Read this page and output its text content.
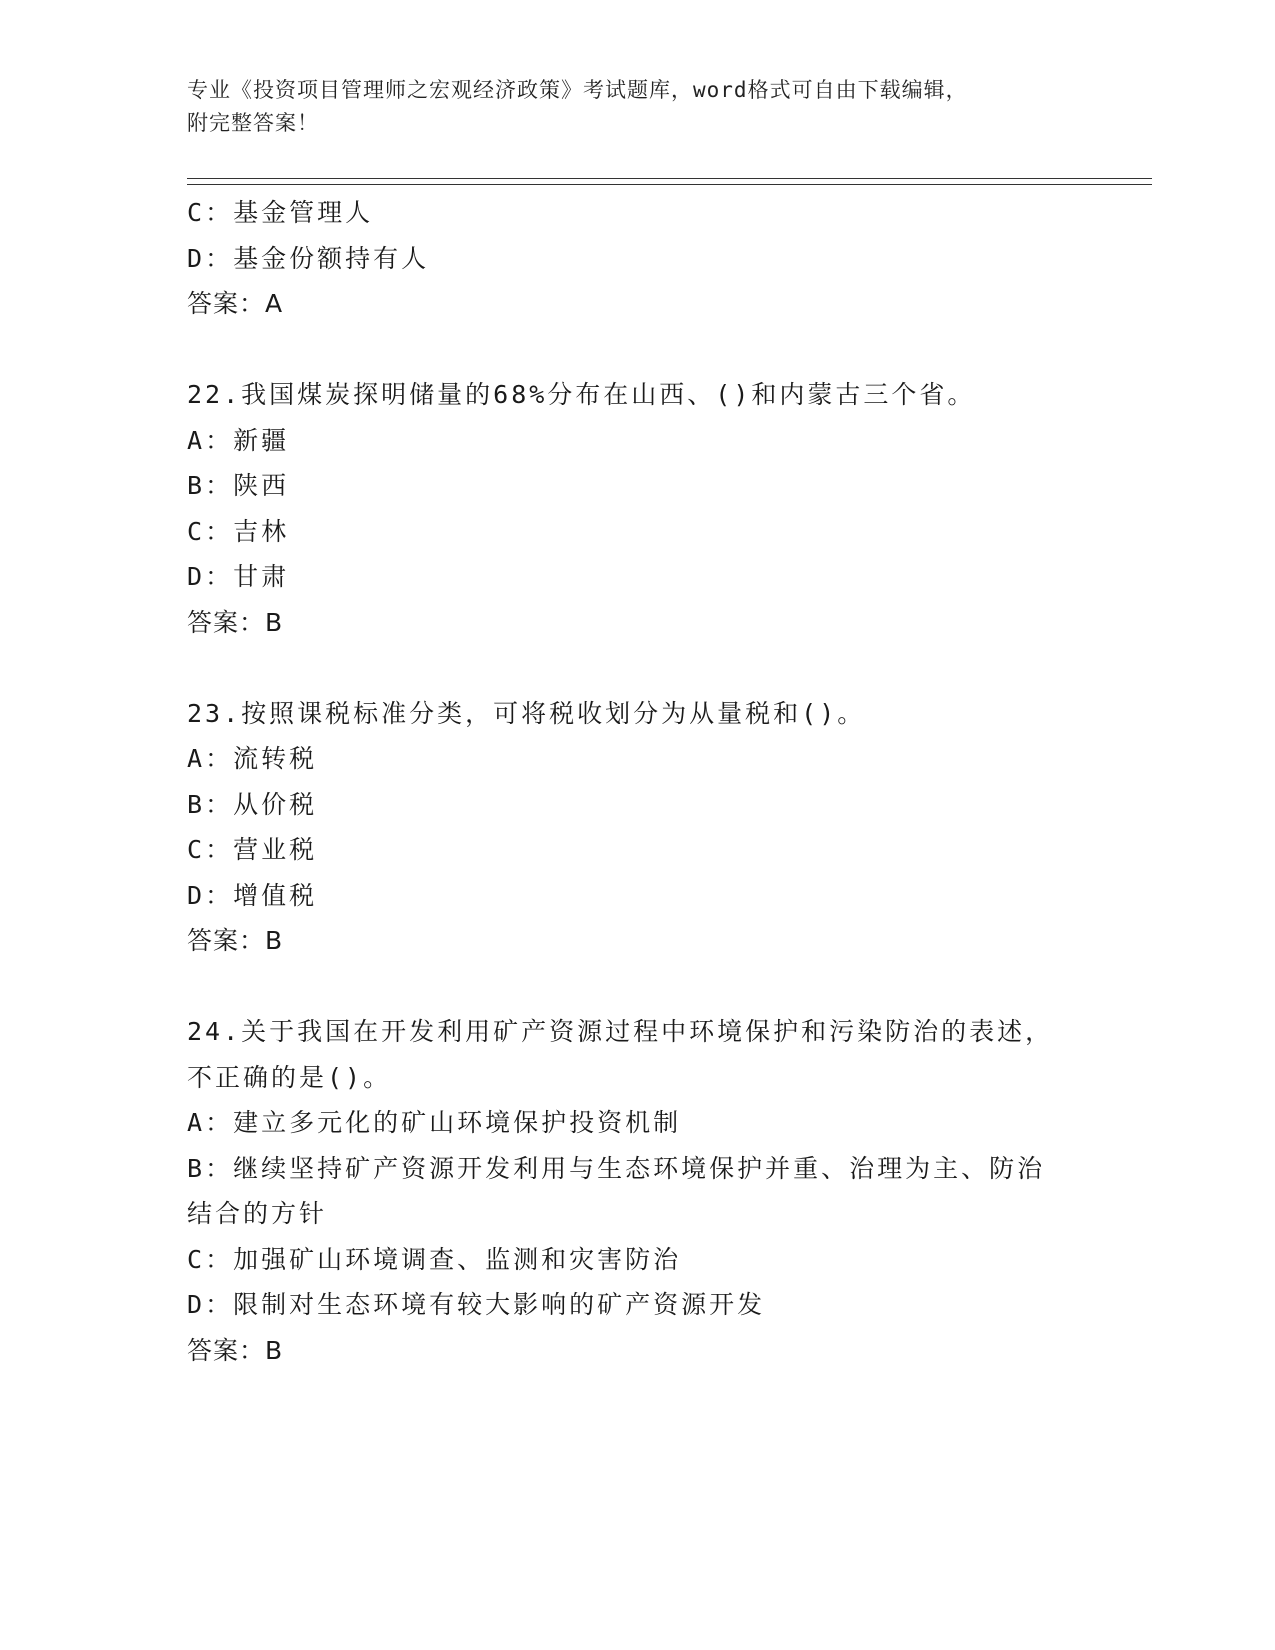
专业《投资项目管理师之宏观经济政策》考试题库，word格式可自由下载编辑，
附完整答案！
C：基金管理人
D：基金份额持有人
答案：A
22.我国煤炭探明储量的68%分布在山西、()和内蒙古三个省。
A：新疆
B：陕西
C：吉林
D：甘肃
答案：B
23.按照课税标准分类，可将税收划分为从量税和()。
A：流转税
B：从价税
C：营业税
D：增值税
答案：B
24.关于我国在开发利用矿产资源过程中环境保护和污染防治的表述，
不正确的是()。
A：建立多元化的矿山环境保护投资机制
B：继续坚持矿产资源开发利用与生态环境保护并重、治理为主、防治
结合的方针
C：加强矿山环境调查、监测和灾害防治
D：限制对生态环境有较大影响的矿产资源开发
答案：B
